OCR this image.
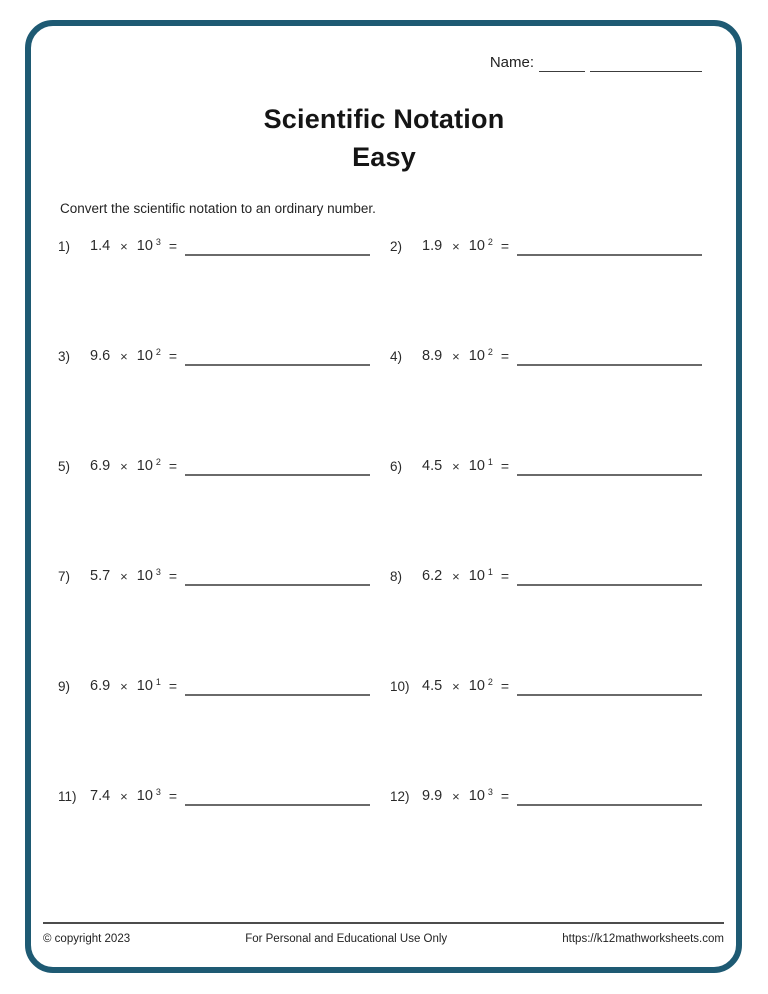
Name:
Scientific Notation
Easy
Convert the scientific notation to an ordinary number.
1)	1.4 × 10 3 =	2)	1.9 × 10 2 =
3)	9.6 × 10 2 =	4)	8.9 × 10 2 =
5)	6.9 × 10 2 =	6)	4.5 × 10 1 =
7)	5.7 × 10 3 =	8)	6.2 × 10 1 =
9)	6.9 × 10 1 =	10) 4.5 × 10 2 =
11) 7.4 × 10 3 =	12) 9.9 × 10 3 =
© copyright 2023	For Personal and Educational Use Only	https://k12mathworksheets.com
